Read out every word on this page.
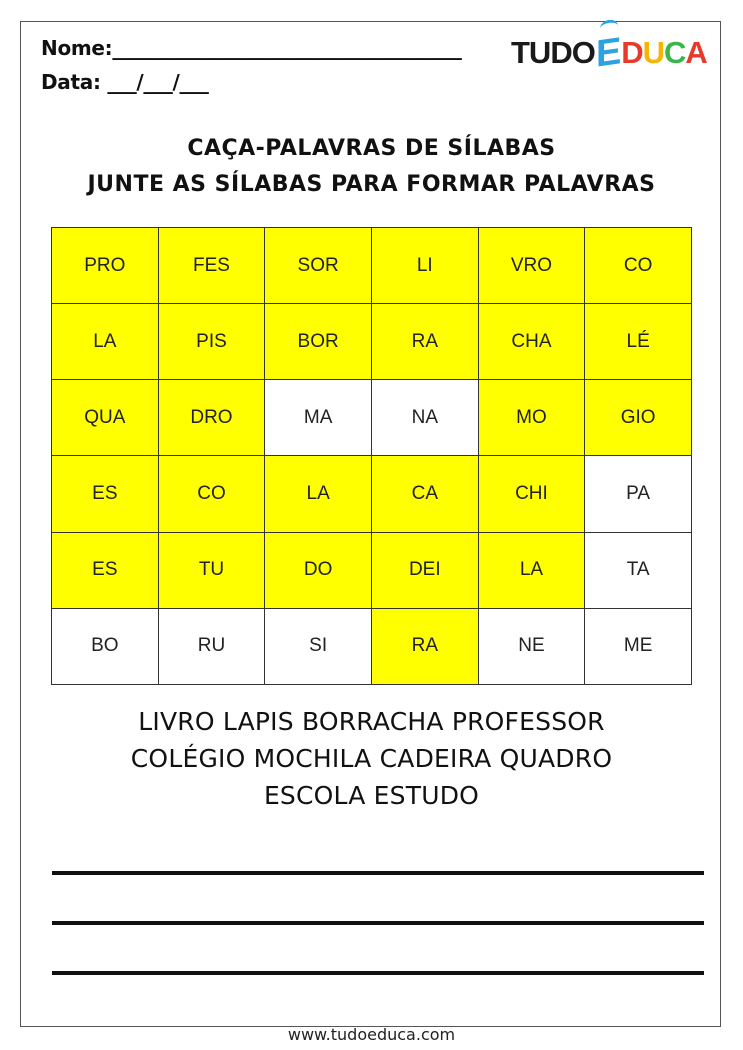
Nome:____________________________________
Data: ___/___/___
TUDO E D U C A
CAÇA-PALAVRAS DE SÍLABAS
JUNTE AS SÍLABAS PARA FORMAR PALAVRAS
PRO	FES	SOR	LI	VRO	CO
LA	PIS	BOR	RA	CHA	LÉ
QUA	DRO	MA	NA	MO	GIO
ES	CO	LA	CA	CHI	PA
ES	TU	DO	DEI	LA	TA
BO	RU	SI	RA	NE	ME
LIVRO LAPIS BORRACHA PROFESSOR
COLÉGIO MOCHILA CADEIRA QUADRO
ESCOLA ESTUDO
www.tudoeduca.com
